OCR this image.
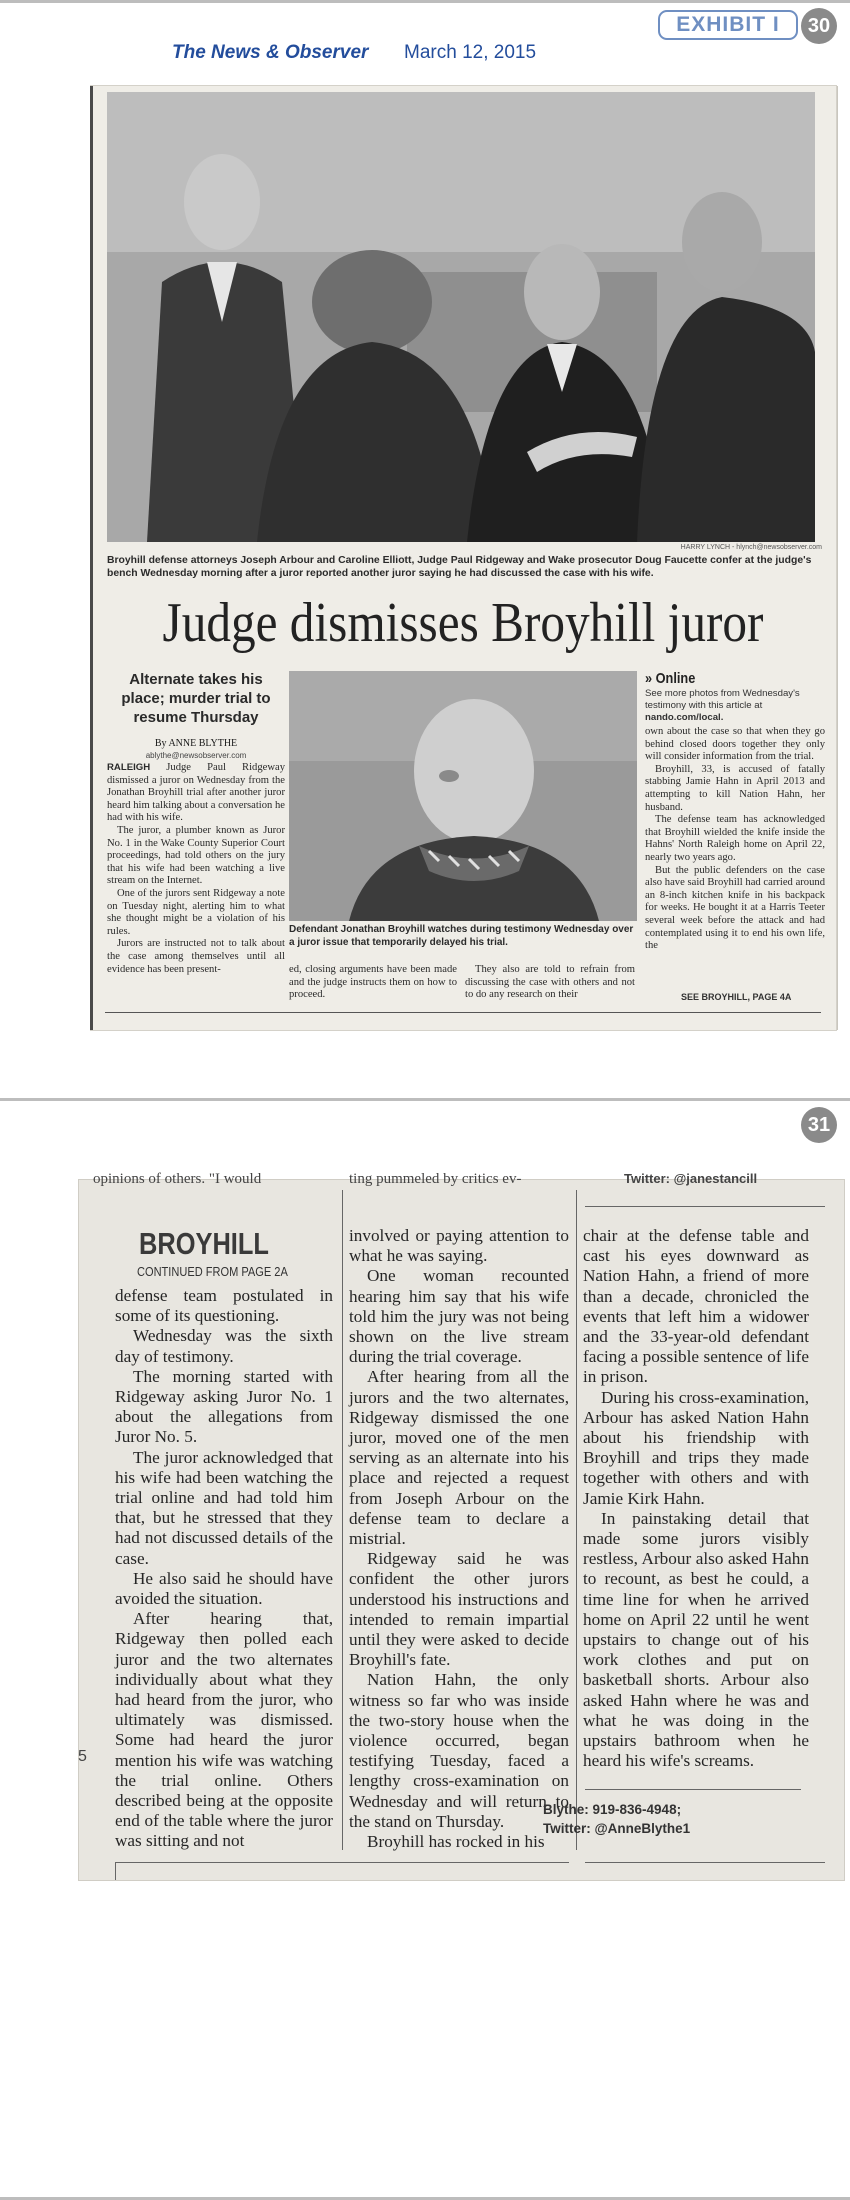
EXHIBIT I	30
The News & Observer March 12, 2015
HARRY LYNCH - hlynch@newsobserver.com
Broyhill defense attorneys Joseph Arbour and Caroline Elliott, Judge Paul Ridgeway and Wake prosecutor Doug Faucette confer at the judge's bench Wednesday morning after a juror reported another juror saying he had discussed the case with his wife.
Judge dismisses Broyhill juror
Alternate takes his place; murder trial to resume Thursday
By ANNE BLYTHE
ablythe@newsobserver.com

RALEIGH Judge Paul Ridgeway dismissed a juror on Wednesday from the Jonathan Broyhill trial after another juror heard him talking about a conversation he had with his wife.

The juror, a plumber known as Juror No. 1 in the Wake County Superior Court proceedings, had told others on the jury that his wife had been watching a live stream on the Internet.

One of the jurors sent Ridgeway a note on Tuesday night, alerting him to what she thought might be a violation of his rules.

Jurors are instructed not to talk about the case among themselves until all evidence has been present-

Defendant Jonathan Broyhill watches during testimony Wednesday over a juror issue that temporarily delayed his trial.

ed, closing arguments have been made and the judge instructs them on how to proceed.

They also are told to refrain from discussing the case with others and not to do any research on their

» Online
See more photos from Wednesday's testimony with this article at nando.com/local.

own about the case so that when they go behind closed doors together they only will consider information from the trial.

Broyhill, 33, is accused of fatally stabbing Jamie Hahn in April 2013 and attempting to kill Nation Hahn, her husband.

The defense team has acknowledged that Broyhill wielded the knife inside the Hahns' North Raleigh home on April 22, nearly two years ago.

But the public defenders on the case also have said Broyhill had carried around an 8-inch kitchen knife in his backpack for weeks. He bought it at a Harris Teeter several week before the attack and had contemplated using it to end his own life, the

SEE BROYHILL, PAGE 4A
31
opinions of others. "I would	ting pummeled by critics ev-	Twitter: @janestancill
BROYHILL
CONTINUED FROM PAGE 2A

defense team postulated in some of its questioning.

Wednesday was the sixth day of testimony.

The morning started with Ridgeway asking Juror No. 1 about the allegations from Juror No. 5.

The juror acknowledged that his wife had been watching the trial online and had told him that, but he stressed that they had not discussed details of the case.

He also said he should have avoided the situation.

After hearing that, Ridgeway then polled each juror and the two alternates individually about what they had heard from the juror, who ultimately was dismissed. Some had heard the juror mention his wife was watching the trial online. Others described being at the opposite end of the table where the juror was sitting and not

involved or paying attention to what he was saying.

One woman recounted hearing him say that his wife told him the jury was not being shown on the live stream during the trial coverage.

After hearing from all the jurors and the two alternates, Ridgeway dismissed the one juror, moved one of the men serving as an alternate into his place and rejected a request from Joseph Arbour on the defense team to declare a mistrial.

Ridgeway said he was confident the other jurors understood his instructions and intended to remain impartial until they were asked to decide Broyhill's fate.

Nation Hahn, the only witness so far who was inside the two-story house when the violence occurred, began testifying Tuesday, faced a lengthy cross-examination on Wednesday and will return to the stand on Thursday.

Broyhill has rocked in his

chair at the defense table and cast his eyes downward as Nation Hahn, a friend of more than a decade, chronicled the events that left him a widower and the 33-year-old defendant facing a possible sentence of life in prison.

During his cross-examination, Arbour has asked Nation Hahn about his friendship with Broyhill and trips they made together with others and with Jamie Kirk Hahn.

In painstaking detail that made some jurors visibly restless, Arbour also asked Hahn to recount, as best he could, a time line for when he arrived home on April 22 until he went upstairs to change out of his work clothes and put on basketball shorts. Arbour also asked Hahn where he was and what he was doing in the upstairs bathroom when he heard his wife's screams.

Blythe: 919-836-4948;
Twitter: @AnneBlythe1
5
